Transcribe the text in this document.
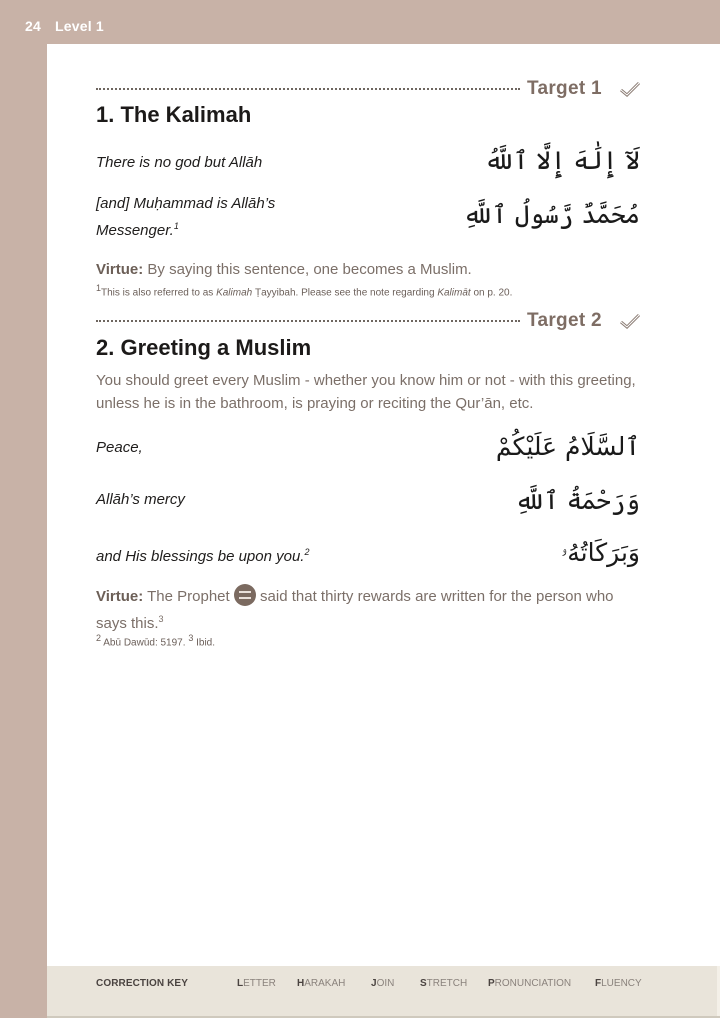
24 Level 1
Target 1
1. The Kalimah
There is no god but Allāh	لَآ إِلَٰهَ إِلَّا ٱللَّهُ
[and] Muḥammad is Allāh’s
Messenger.$^1$	مُحَمَّدٌ رَّسُولُ ٱللَّهِ
Virtue: By saying this sentence, one becomes a Muslim.
$^1$This is also referred to as Kalimah Ṭayyibah. Please see the note regarding Kalimāt on p. 20.
Target 2
2. Greeting a Muslim
You should greet every Muslim - whether you know him or not - with this greeting, unless he is in the bathroom, is praying or reciting the Qur’ān, etc.
Peace,	ٱلسَّلَامُ عَلَيْكُمْ
Allāh’s mercy	وَرَحْمَةُ ٱللَّهِ
and His blessings be upon you.$^2$	وَبَرَكَاتُهُۥ
Virtue: The Prophet  said that thirty rewards are written for the person who says this.$^3$
$^2$ Abū Dawūd: 5197. $^3$ Ibid.
CORRECTION KEY	LETTER HARAKAH	JOIN	STRETCH PRONUNCIATION FLUENCY
